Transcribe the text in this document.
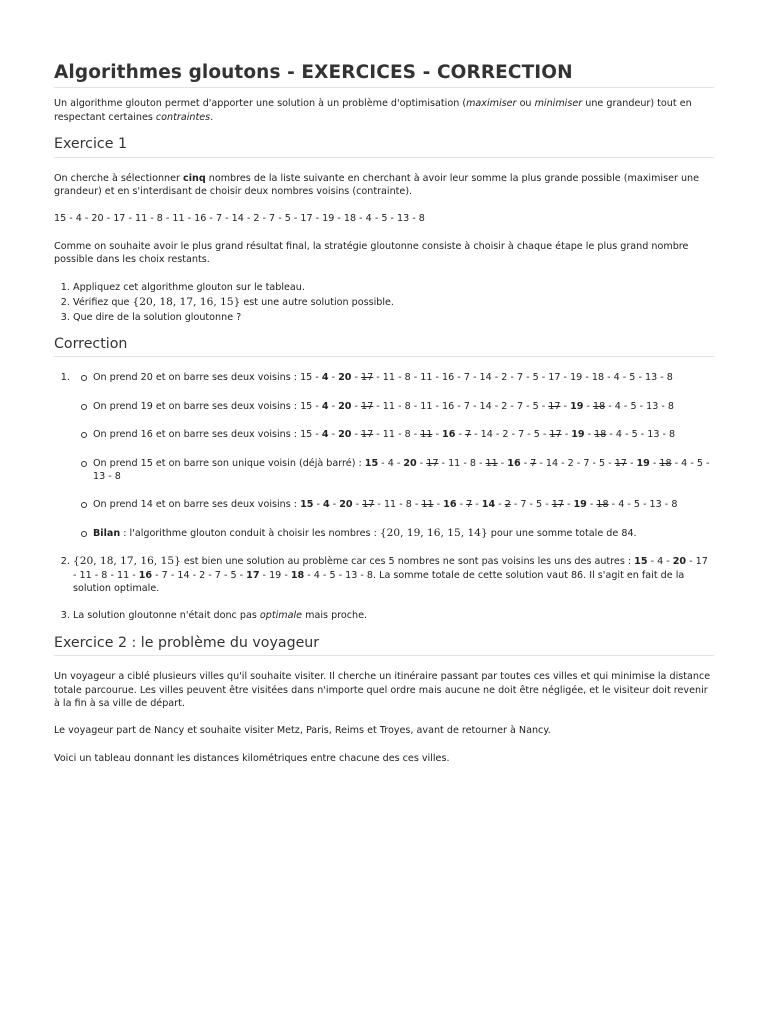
Algorithmes gloutons - EXERCICES - CORRECTION

Un algorithme glouton permet d'apporter une solution à un problème d'optimisation (maximiser ou minimiser une grandeur) tout en respectant certaines contraintes.

Exercice 1

On cherche à sélectionner cinq nombres de la liste suivante en cherchant à avoir leur somme la plus grande possible (maximiser une grandeur) et en s'interdisant de choisir deux nombres voisins (contrainte).

15 - 4 - 20 - 17 - 11 - 8 - 11 - 16 - 7 - 14 - 2 - 7 - 5 - 17 - 19 - 18 - 4 - 5 - 13 - 8

Comme on souhaite avoir le plus grand résultat final, la stratégie gloutonne consiste à choisir à chaque étape le plus grand nombre possible dans les choix restants.

1. Appliquez cet algorithme glouton sur le tableau.
2. Vérifiez que {20, 18, 17, 16, 15} est une autre solution possible.
3. Que dire de la solution gloutonne ?
Correction
1. On prend 20 et on barre ses deux voisins : 15 - 4 - 20 - 17 - 11 - 8 - 11 - 16 - 7 - 14 - 2 - 7 - 5 - 17 - 19 - 18 - 4 - 5 - 13 - 8
On prend 19 et on barre ses deux voisins : 15 - 4 - 20 - 17 - 11 - 8 - 11 - 16 - 7 - 14 - 2 - 7 - 5 - 17 - 19 - 18 - 4 - 5 - 13 - 8
On prend 16 et on barre ses deux voisins : 15 - 4 - 20 - 17 - 11 - 8 - 11 - 16 - 7 - 14 - 2 - 7 - 5 - 17 - 19 - 18 - 4 - 5 - 13 - 8
On prend 15 et on barre son unique voisin (déjà barré) : 15 - 4 - 20 - 17 - 11 - 8 - 11 - 16 - 7 - 14 - 2 - 7 - 5 - 17 - 19 - 18 - 4 - 5 - 13 - 8
On prend 14 et on barre ses deux voisins : 15 - 4 - 20 - 17 - 11 - 8 - 11 - 16 - 7 - 14 - 2 - 7 - 5 - 17 - 19 - 18 - 4 - 5 - 13 - 8
Bilan : l'algorithme glouton conduit à choisir les nombres : {20, 19, 16, 15, 14} pour une somme totale de 84.
2. {20, 18, 17, 16, 15} est bien une solution au problème car ces 5 nombres ne sont pas voisins les uns des autres : 15 - 4 - 20 - 17 - 11 - 8 - 11 - 16 - 7 - 14 - 2 - 7 - 5 - 17 - 19 - 18 - 4 - 5 - 13 - 8. La somme totale de cette solution vaut 86. Il s'agit en fait de la solution optimale.
3. La solution gloutonne n'était donc pas optimale mais proche.
Exercice 2 : le problème du voyageur

Un voyageur a ciblé plusieurs villes qu'il souhaite visiter. Il cherche un itinéraire passant par toutes ces villes et qui minimise la distance totale parcourue. Les villes peuvent être visitées dans n'importe quel ordre mais aucune ne doit être négligée, et le visiteur doit revenir à la fin à sa ville de départ.

Le voyageur part de Nancy et souhaite visiter Metz, Paris, Reims et Troyes, avant de retourner à Nancy.

Voici un tableau donnant les distances kilométriques entre chacune des ces villes.
